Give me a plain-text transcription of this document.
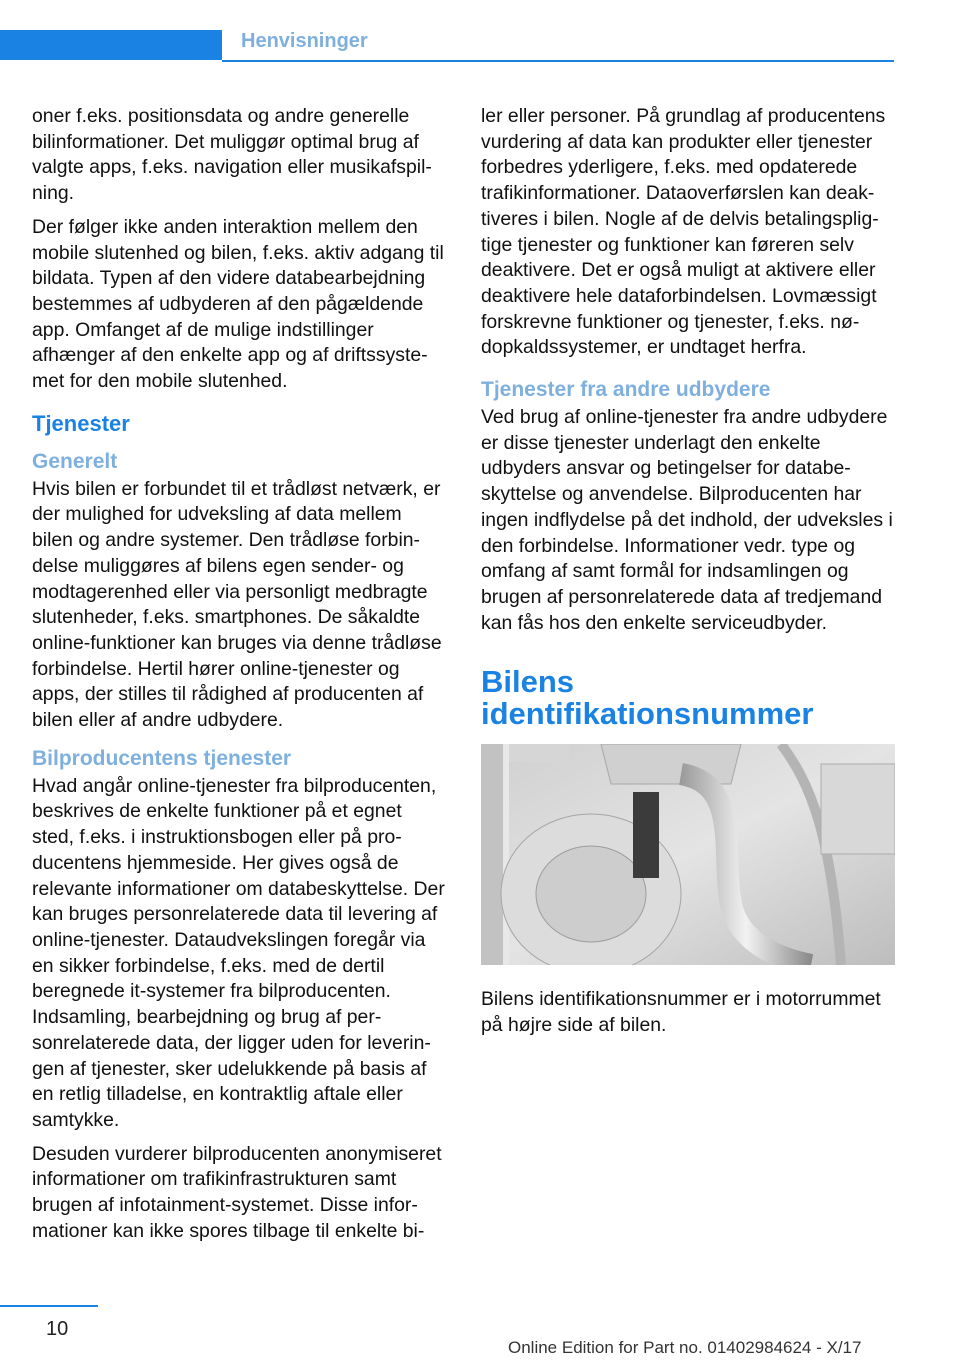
Henvisninger

oner f.eks. positionsdata og andre generelle bilinformationer. Det muliggør optimal brug af valgte apps, f.eks. navigation eller musikafspilning.

Der følger ikke anden interaktion mellem den mobile slutenhed og bilen, f.eks. aktiv adgang til bildata. Typen af den videre databearbejdning bestemmes af udbyderen af den pågældende app. Omfanget af de mulige indstillinger afhænger af den enkelte app og af driftssystemet for den mobile slutenhed.

Tjenester
Generelt

Hvis bilen er forbundet til et trådløst netværk, er der mulighed for udveksling af data mellem bilen og andre systemer. Den trådløse forbindelse muliggøres af bilens egen sender- og modtagerenhed eller via personligt medbragte slutenheder, f.eks. smartphones. De såkaldte online-funktioner kan bruges via denne trådløse forbindelse. Hertil hører online-tjenester og apps, der stilles til rådighed af producenten af bilen eller af andre udbydere.

Bilproducentens tjenester

Hvad angår online-tjenester fra bilproducenten, beskrives de enkelte funktioner på et egnet sted, f.eks. i instruktionsbogen eller på producentens hjemmeside. Her gives også de relevante informationer om databeskyttelse. Der kan bruges personrelaterede data til levering af online-tjenester. Dataudvekslingen foregår via en sikker forbindelse, f.eks. med de dertil beregnede it-systemer fra bilproducenten. Indsamling, bearbejdning og brug af personrelaterede data, der ligger uden for leveringen af tjenester, sker udelukkende på basis af en retlig tilladelse, en kontraktlig aftale eller samtykke.

Desuden vurderer bilproducenten anonymiseret informationer om trafikinfrastrukturen samt brugen af infotainment-systemet. Disse informationer kan ikke spores tilbage til enkelte bi-

ler eller personer. På grundlag af producentens vurdering af data kan produkter eller tjenester forbedres yderligere, f.eks. med opdaterede trafikinformationer. Dataoverførslen kan deaktiveres i bilen. Nogle af de delvis betalingspligtige tjenester og funktioner kan føreren selv deaktivere. Det er også muligt at aktivere eller deaktivere hele dataforbindelsen. Lovmæssigt forskrevne funktioner og tjenester, f.eks. nødopkaldssystemer, er undtaget herfra.

Tjenester fra andre udbydere

Ved brug af online-tjenester fra andre udbydere er disse tjenester underlagt den enkelte udbyders ansvar og betingelser for databeskyttelse og anvendelse. Bilproducenten har ingen indflydelse på det indhold, der udveksles i den forbindelse. Informationer vedr. type og omfang af samt formål for indsamlingen og brugen af personrelaterede data af tredjemand kan fås hos den enkelte serviceudbyder.

Bilens
identifikationsnummer

Bilens identifikationsnummer er i motorrummet på højre side af bilen.

10
Online Edition for Part no. 01402984624 - X/17
